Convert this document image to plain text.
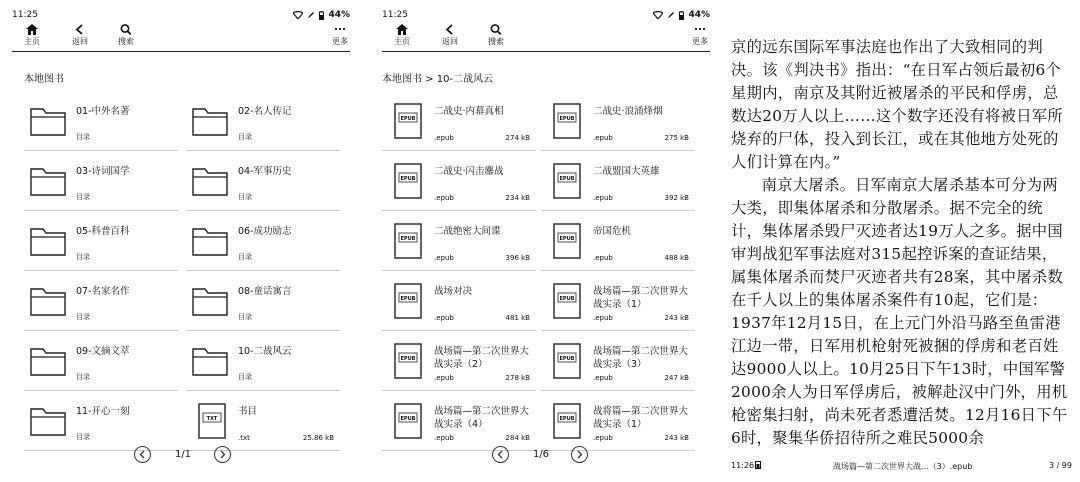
11:25	44%
主页	返回	搜索	更多
本地图书
01-中外名著
目录
02-名人传记
目录
03-诗词国学
目录
04-军事历史
目录
05-科普百科
目录
06-成功励志
目录
07-名家名作
目录
08-童话寓言
目录
09-文摘文萃
目录
10-二战风云
目录
11-开心一刻
目录
TXT
书目
.txt	25.86 kB
1/1
11:25	44%
主页	返回	搜索	更多
本地图书 > 10-二战风云
EPUB
二战史·内幕真相
.epub	274 kB
EPUB
二战史·浪涌烽烟
.epub	275 kB
EPUB
二战史·闪击鏖战
.epub	234 kB
EPUB
二战盟国大英雄
.epub	392 kB
EPUB
二战绝密大间谍
.epub	396 kB
EPUB
帝国危机
.epub	488 kB
EPUB
战场对决
.epub	481 kB
EPUB
战场篇—第二次世界大战实录（1）
.epub	243 kB
EPUB
战场篇—第二次世界大战实录（2）
.epub	278 kB
EPUB
战场篇—第二次世界大战实录（3）
.epub	247 kB
EPUB
战场篇—第二次世界大战实录（4）
.epub	284 kB
EPUB
战将篇—第二次世界大战实录（1）
.epub	243 kB
1/6

京的远东国际军事法庭也作出了大致相同的判决。该《判决书》指出：“在日军占领后最初6个星期内，南京及其附近被屠杀的平民和俘虏，总数达20万人以上……这个数字还没有将被日军所烧弃的尸体，投入到长江，或在其他地方处死的人们计算在内。”

南京大屠杀。日军南京大屠杀基本可分为两大类，即集体屠杀和分散屠杀。据不完全的统计，集体屠杀毁尸灭迹者达19万人之多。据中国审判战犯军事法庭对315起控诉案的查证结果，属集体屠杀而焚尸灭迹者共有28案，其中屠杀数在千人以上的集体屠杀案件有10起，它们是：1937年12月15日，在上元门外沿马路至鱼雷港江边一带，日军用机枪射死被捆的俘虏和老百姓达9000人以上。10月25日下午13时，中国军警2000余人为日军俘虏后，被解赴汉中门外，用机枪密集扫射，尚未死者悉遭活焚。12月16日下午6时，聚集华侨招待所之难民5000余

11:26	战场篇—第二次世界大战...（3）.epub	3 / 99
